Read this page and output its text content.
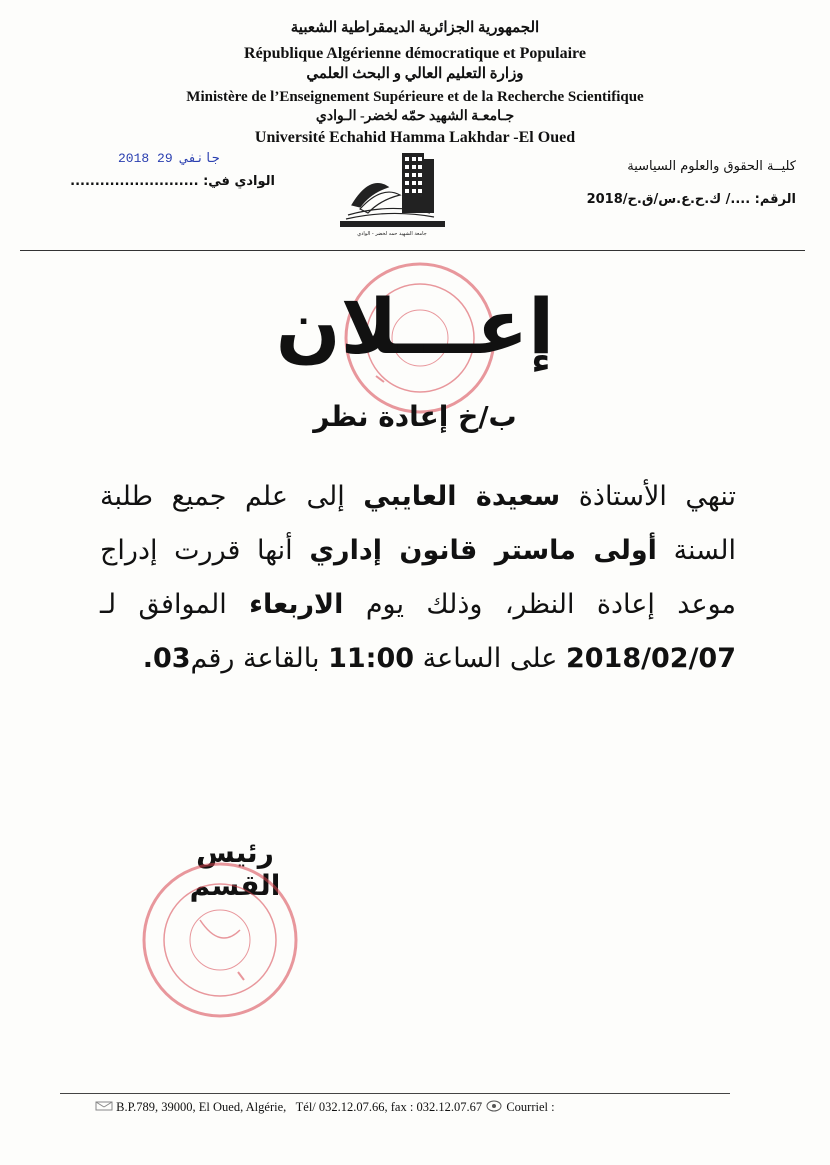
الجمهورية الجزائرية الديمقراطية الشعبية
République Algérienne démocratique et Populaire
وزارة التعليم العالي و البحث العلمي
Ministère de l’Enseignement Supérieure et de la Recherche Scientifique
جـامعـة الشهيد حمّه لخضر- الـوادي
Université Echahid Hamma Lakhdar -El Oued
2018 جانفي 29
الوادي في: ..........................
كليــة الحقوق والعلوم السياسية
الرقم: ..../ ك.ح.ع.س/ق.ح/2018
جامعة الشهيد حمه لخضر - الوادي
إعـــلان
ب/خ إعادة نظر
تنهي الأستاذة سعيدة العايبي إلى علم جميع طلبة السنة أولى ماستر قانون إداري أنها قررت إدراج موعد إعادة النظر، وذلك يوم الاربعاء الموافق لـ 2018/02/07 على الساعة 11:00 بالقاعة رقم03.
رئيس القسم
B.P.789, 39000, El Oued, Algérie, Tél/ 032.12.07.66, fax : 032.12.07.67 Courriel :
